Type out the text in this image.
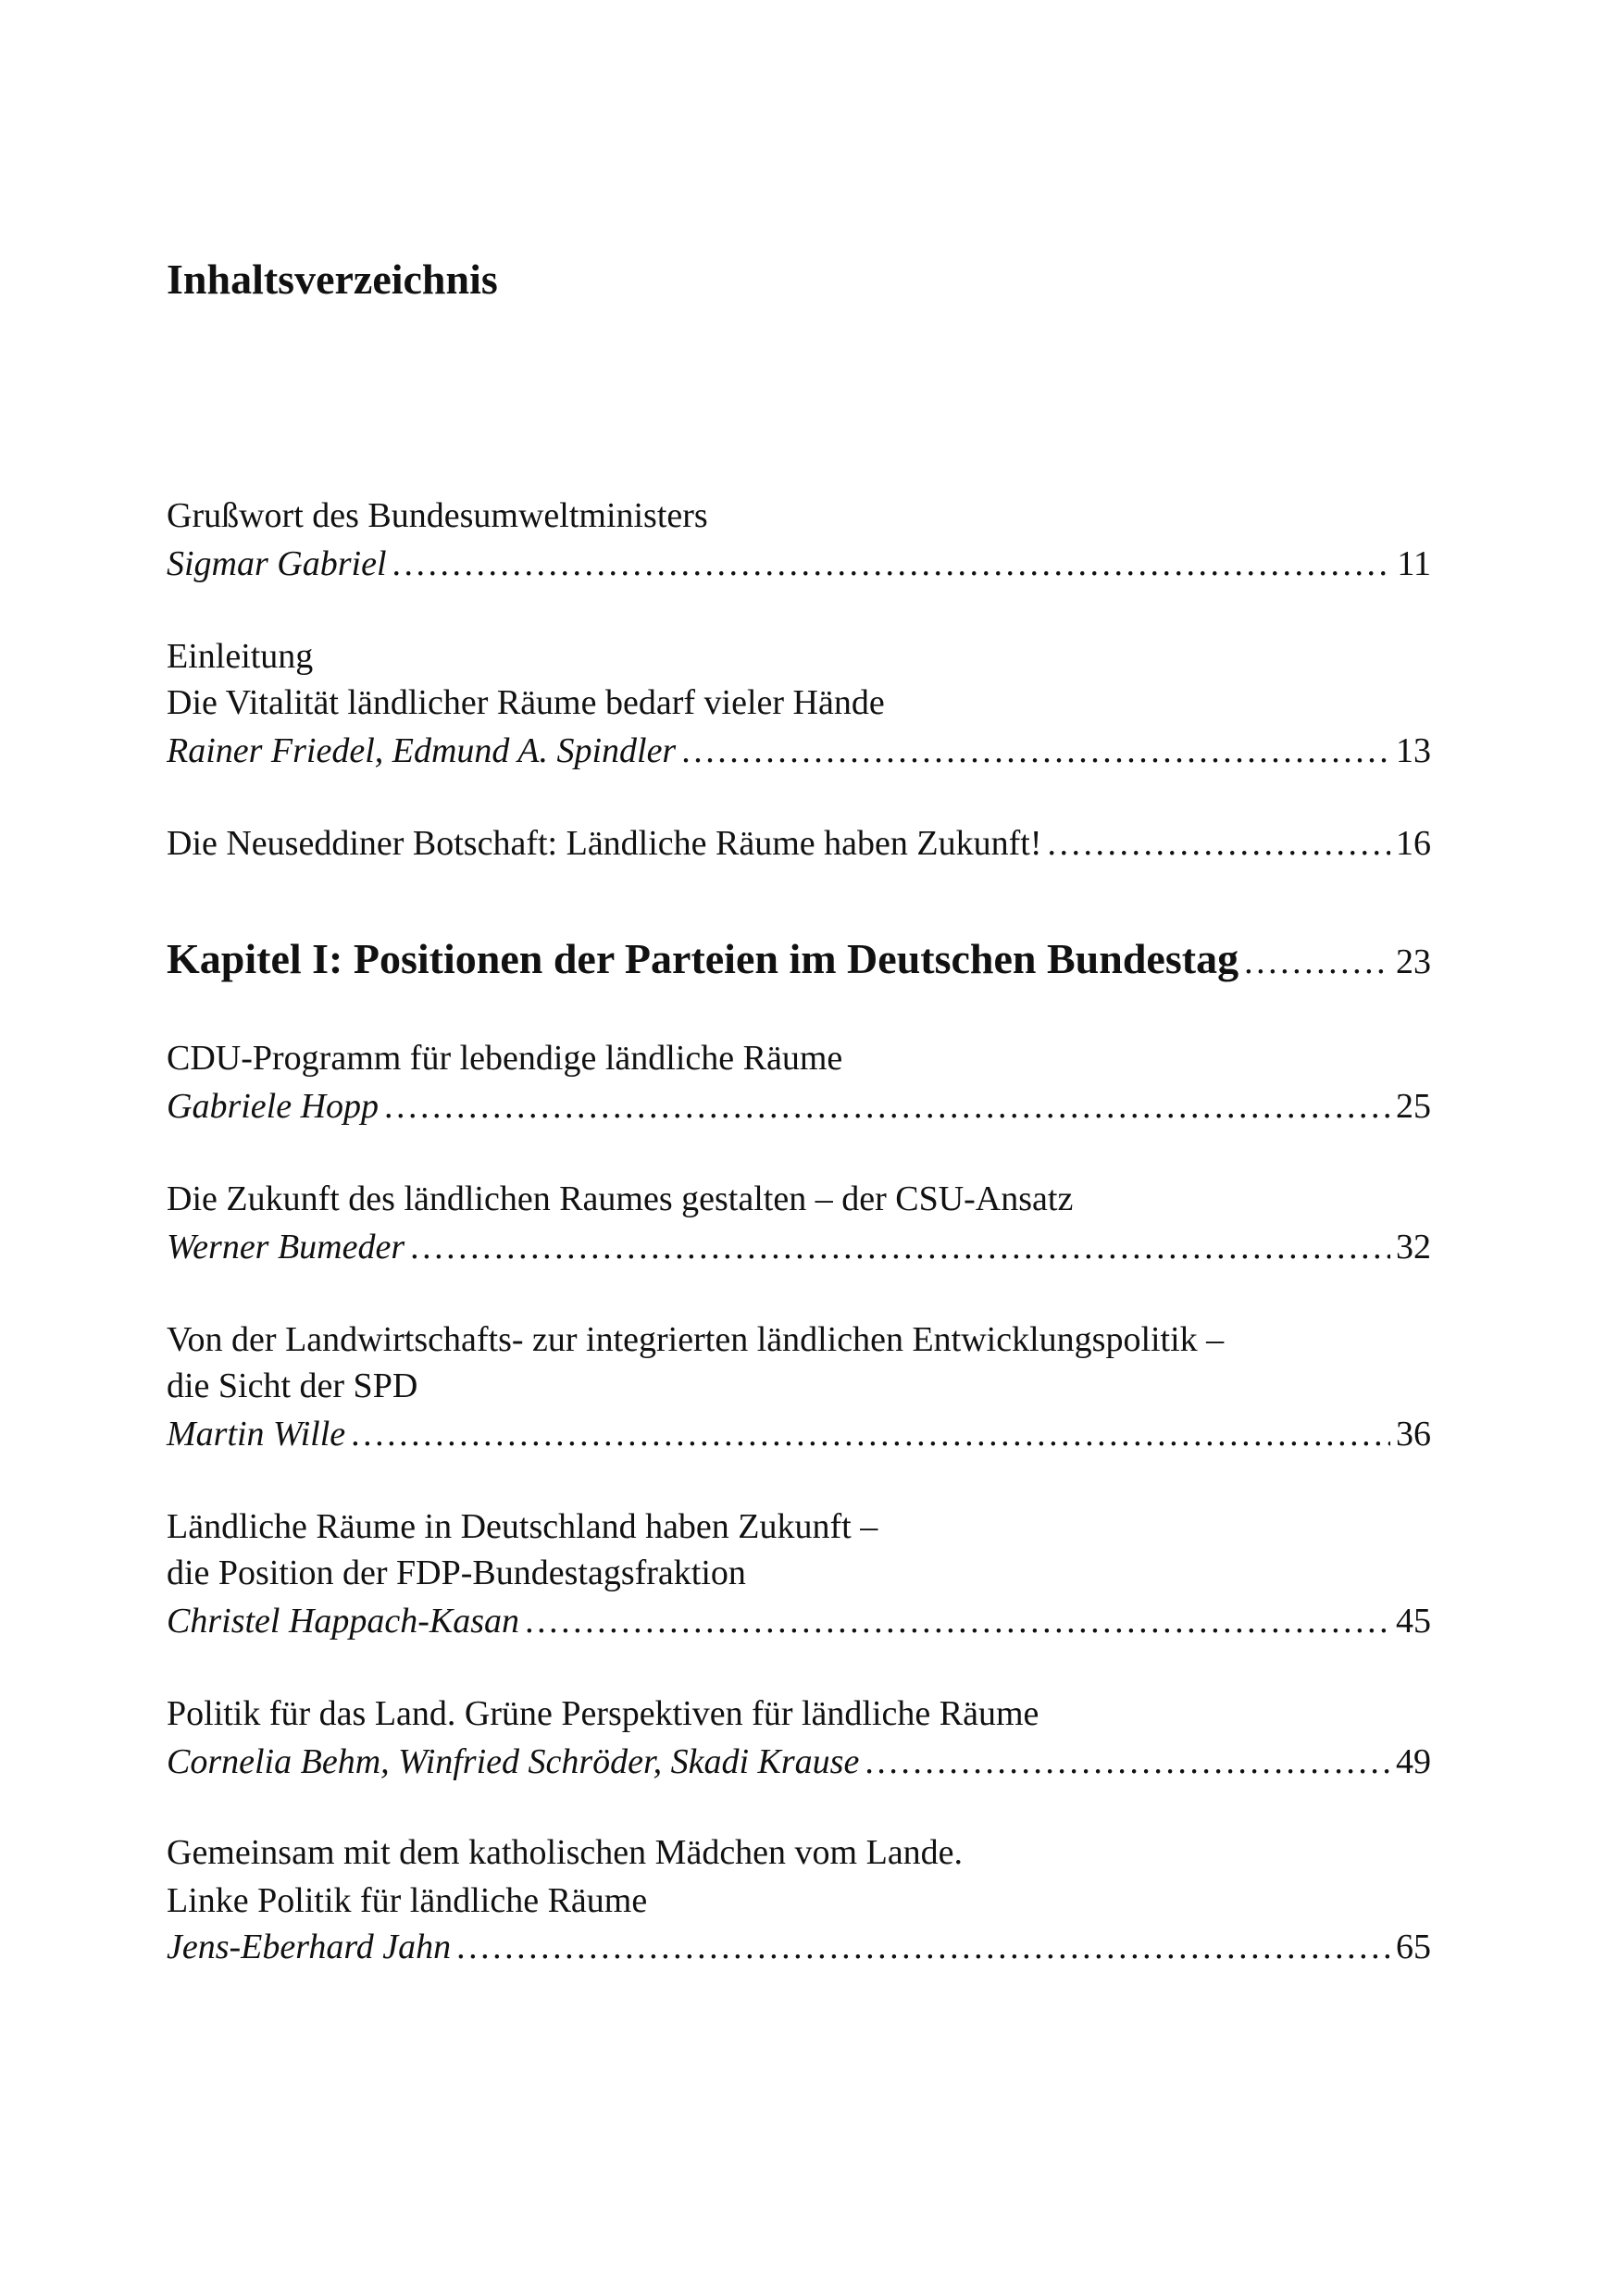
Inhaltsverzeichnis
Grußwort des Bundesumweltministers
Sigmar Gabriel . . .	11
Einleitung
Die Vitalität ländlicher Räume bedarf vieler Hände
Rainer Friedel, Edmund A. Spindler . . .	13
Die Neuseddiner Botschaft: Ländliche Räume haben Zukunft! . . .	16
Kapitel I: Positionen der Parteien im Deutschen Bundestag . . .	23
CDU-Programm für lebendige ländliche Räume
Gabriele Hopp . . .	25
Die Zukunft des ländlichen Raumes gestalten – der CSU-Ansatz
Werner Bumeder . . .	32
Von der Landwirtschafts- zur integrierten ländlichen Entwicklungspolitik –
die Sicht der SPD
Martin Wille . . .	36
Ländliche Räume in Deutschland haben Zukunft –
die Position der FDP-Bundestagsfraktion
Christel Happach-Kasan . . .	45
Politik für das Land. Grüne Perspektiven für ländliche Räume
Cornelia Behm, Winfried Schröder, Skadi Krause . . .	49
Gemeinsam mit dem katholischen Mädchen vom Lande.
Linke Politik für ländliche Räume
Jens-Eberhard Jahn . . .	65
